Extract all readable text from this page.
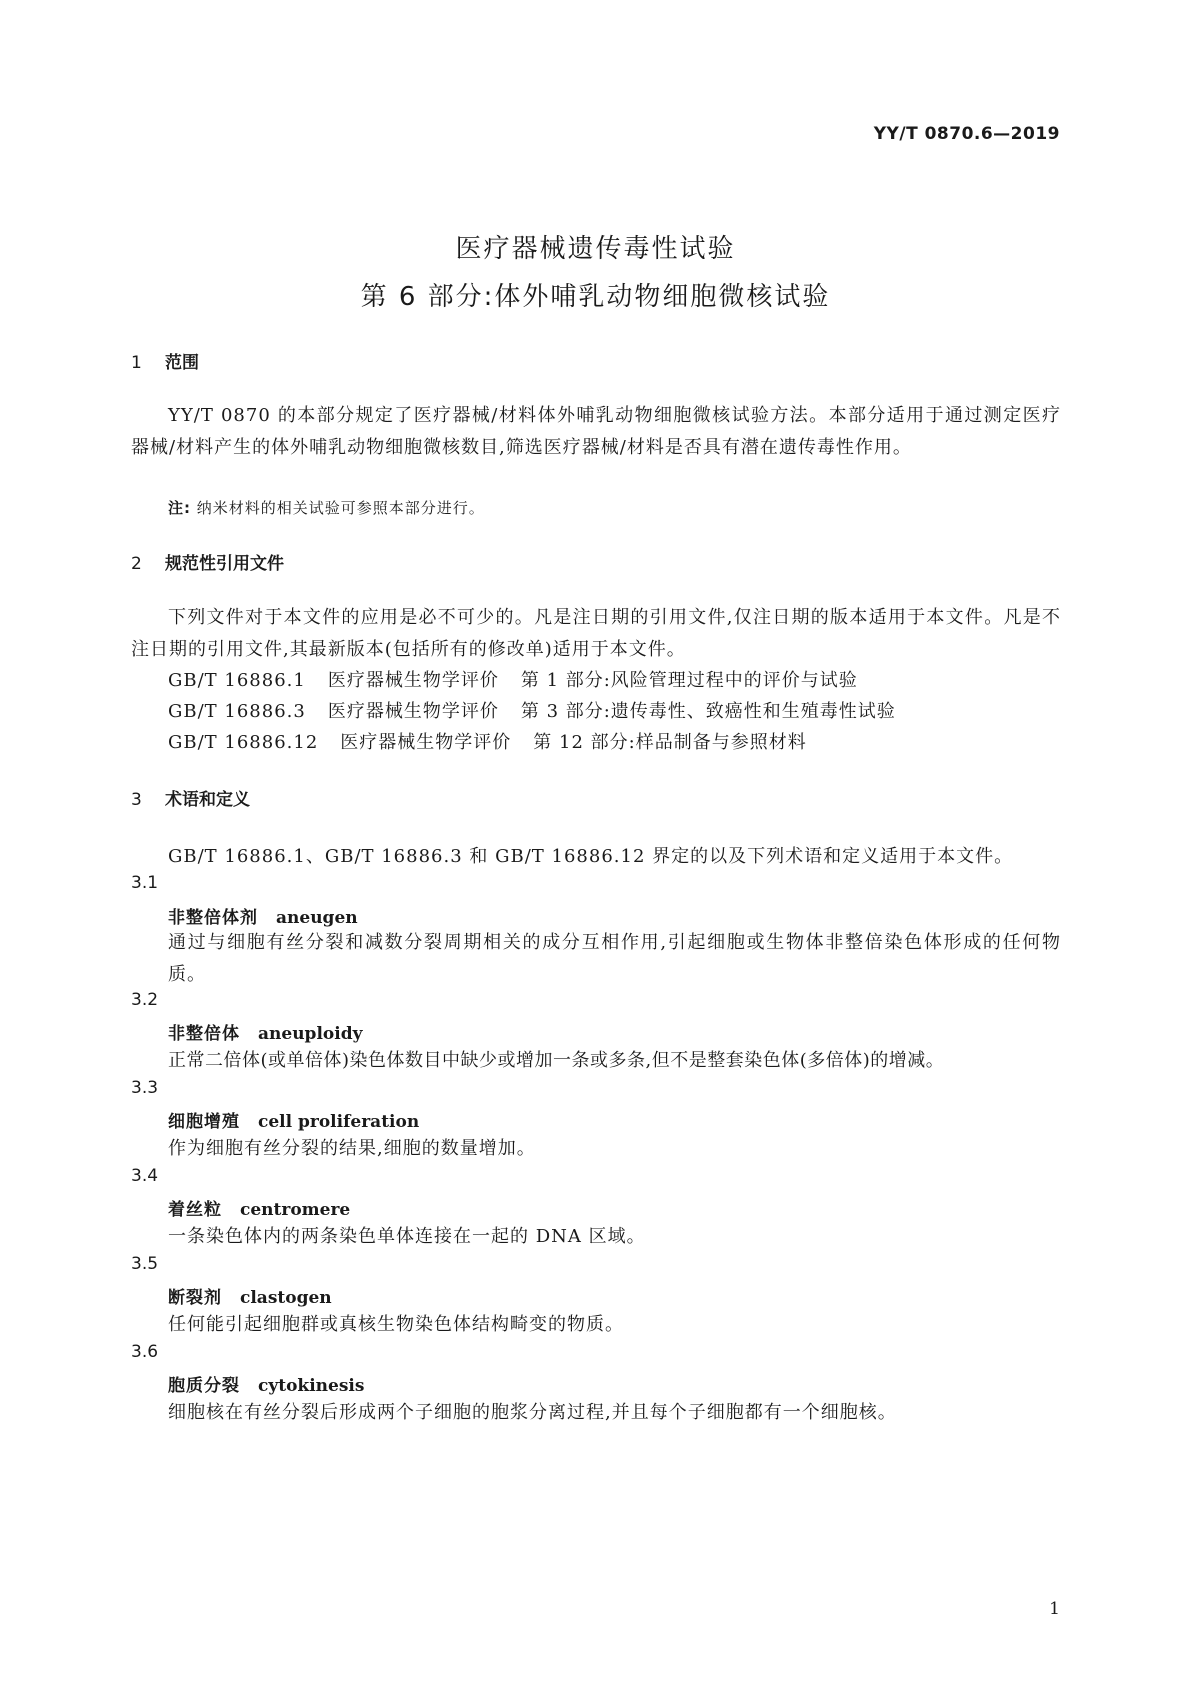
YY/T 0870.6—2019
医疗器械遗传毒性试验
第 6 部分:体外哺乳动物细胞微核试验
1 范围
YY/T 0870 的本部分规定了医疗器械/材料体外哺乳动物细胞微核试验方法。本部分适用于通过测定医疗器械/材料产生的体外哺乳动物细胞微核数目,筛选医疗器械/材料是否具有潜在遗传毒性作用。
注: 纳米材料的相关试验可参照本部分进行。
2 规范性引用文件
下列文件对于本文件的应用是必不可少的。凡是注日期的引用文件,仅注日期的版本适用于本文件。凡是不注日期的引用文件,其最新版本(包括所有的修改单)适用于本文件。
GB/T 16886.1 医疗器械生物学评价 第 1 部分:风险管理过程中的评价与试验
GB/T 16886.3 医疗器械生物学评价 第 3 部分:遗传毒性、致癌性和生殖毒性试验
GB/T 16886.12 医疗器械生物学评价 第 12 部分:样品制备与参照材料
3 术语和定义
GB/T 16886.1、GB/T 16886.3 和 GB/T 16886.12 界定的以及下列术语和定义适用于本文件。
3.1
非整倍体剂 aneugen
通过与细胞有丝分裂和减数分裂周期相关的成分互相作用,引起细胞或生物体非整倍染色体形成的任何物质。
3.2
非整倍体 aneuploidy
正常二倍体(或单倍体)染色体数目中缺少或增加一条或多条,但不是整套染色体(多倍体)的增减。
3.3
细胞增殖 cell proliferation
作为细胞有丝分裂的结果,细胞的数量增加。
3.4
着丝粒 centromere
一条染色体内的两条染色单体连接在一起的 DNA 区域。
3.5
断裂剂 clastogen
任何能引起细胞群或真核生物染色体结构畸变的物质。
3.6
胞质分裂 cytokinesis
细胞核在有丝分裂后形成两个子细胞的胞浆分离过程,并且每个子细胞都有一个细胞核。
1
